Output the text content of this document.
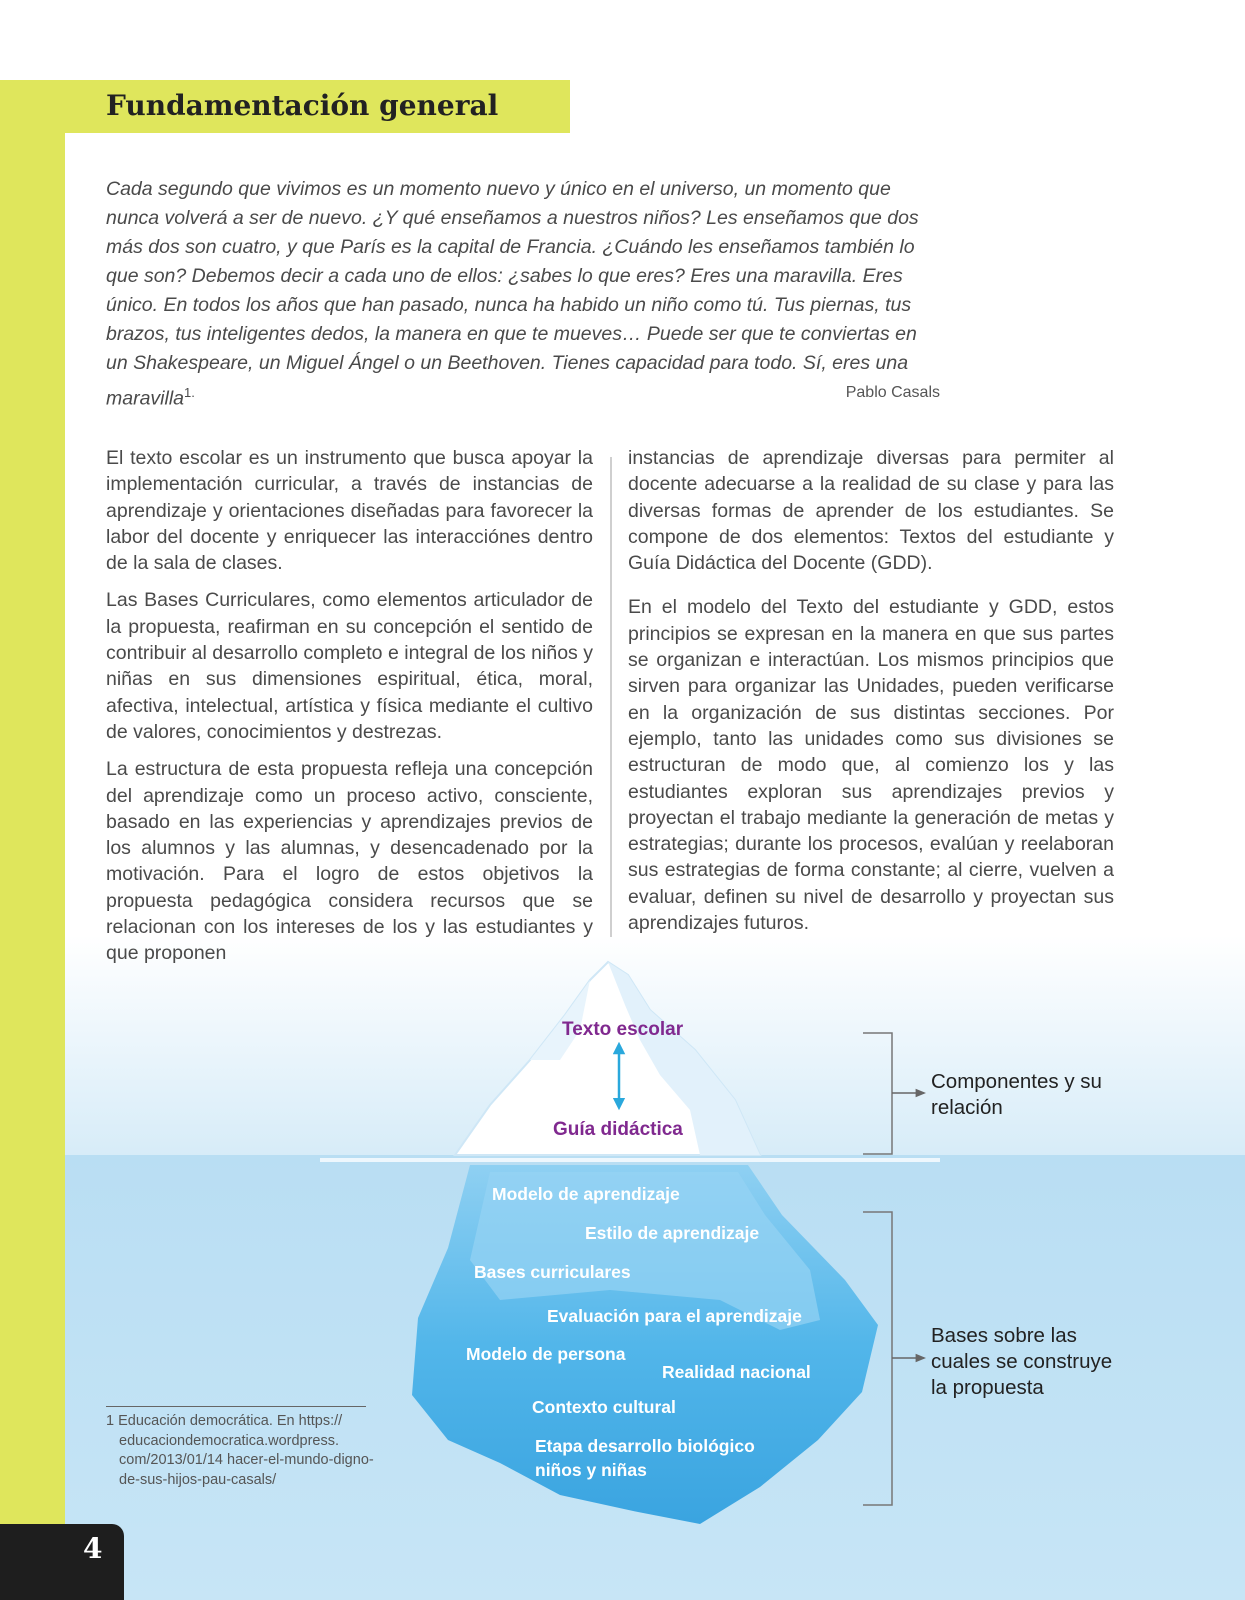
Texto escolar
Guía didáctica
Modelo de aprendizaje
Estilo de aprendizaje
Bases curriculares
Evaluación para el aprendizaje
Modelo de persona
Realidad nacional
Contexto cultural
Etapa desarrollo biológico
niños y niñas
Fundamentación general

Cada segundo que vivimos es un momento nuevo y único en el universo, un momento que nunca volverá a ser de nuevo. ¿Y qué enseñamos a nuestros niños? Les enseñamos que dos más dos son cuatro, y que París es la capital de Francia. ¿Cuándo les enseñamos también lo que son? Debemos decir a cada uno de ellos: ¿sabes lo que eres? Eres una maravilla. Eres único. En todos los años que han pasado, nunca ha habido un niño como tú. Tus piernas, tus brazos, tus inteligentes dedos, la manera en que te mueves… Puede ser que te conviertas en un Shakespeare, un Miguel Ángel o un Beethoven. Tienes capacidad para todo. Sí, eres una maravilla$^{1.}$	Pablo Casals

El texto escolar es un instrumento que busca apoyar la implementación curricular, a través de instancias de aprendizaje y orientaciones diseñadas para favorecer la labor del docente y enriquecer las interacciónes dentro de la sala de clases.

Las Bases Curriculares, como elementos articulador de la propuesta, reafirman en su concepción el sentido de contribuir al desarrollo completo e integral de los niños y niñas en sus dimensiones espiritual, ética, moral, afectiva, intelectual, artística y física mediante el cultivo de valores, conocimientos y destrezas.

La estructura de esta propuesta refleja una concepción del aprendizaje como un proceso activo, consciente, basado en las experiencias y aprendizajes previos de los alumnos y las alumnas, y desencadenado por la motivación. Para el logro de estos objetivos la propuesta pedagógica considera recursos que se relacionan con los intereses de los y las estudiantes y que proponen

instancias de aprendizaje diversas para permiter al docente adecuarse a la realidad de su clase y para las diversas formas de aprender de los estudiantes. Se compone de dos elementos: Textos del estudiante y Guía Didáctica del Docente (GDD).

En el modelo del Texto del estudiante y GDD, estos principios se expresan en la manera en que sus partes se organizan e interactúan. Los mismos principios que sirven para organizar las Unidades, pueden verificarse en la organización de sus distintas secciones. Por ejemplo, tanto las unidades como sus divisiones se estructuran de modo que, al comienzo los y las estudiantes exploran sus aprendizajes previos y proyectan el trabajo mediante la generación de metas y estrategias; durante los procesos, evalúan y reelaboran sus estrategias de forma constante; al cierre, vuelven a evaluar, definen su nivel de desarrollo y proyectan sus aprendizajes futuros.

Componentes y su
relación

Bases sobre las
cuales se construye
la propuesta

1 Educación democrática. En https:// educaciondemocratica.wordpress. com/2013/01/14 hacer-el-mundo-digno-de-sus-hijos-pau-casals/

4
